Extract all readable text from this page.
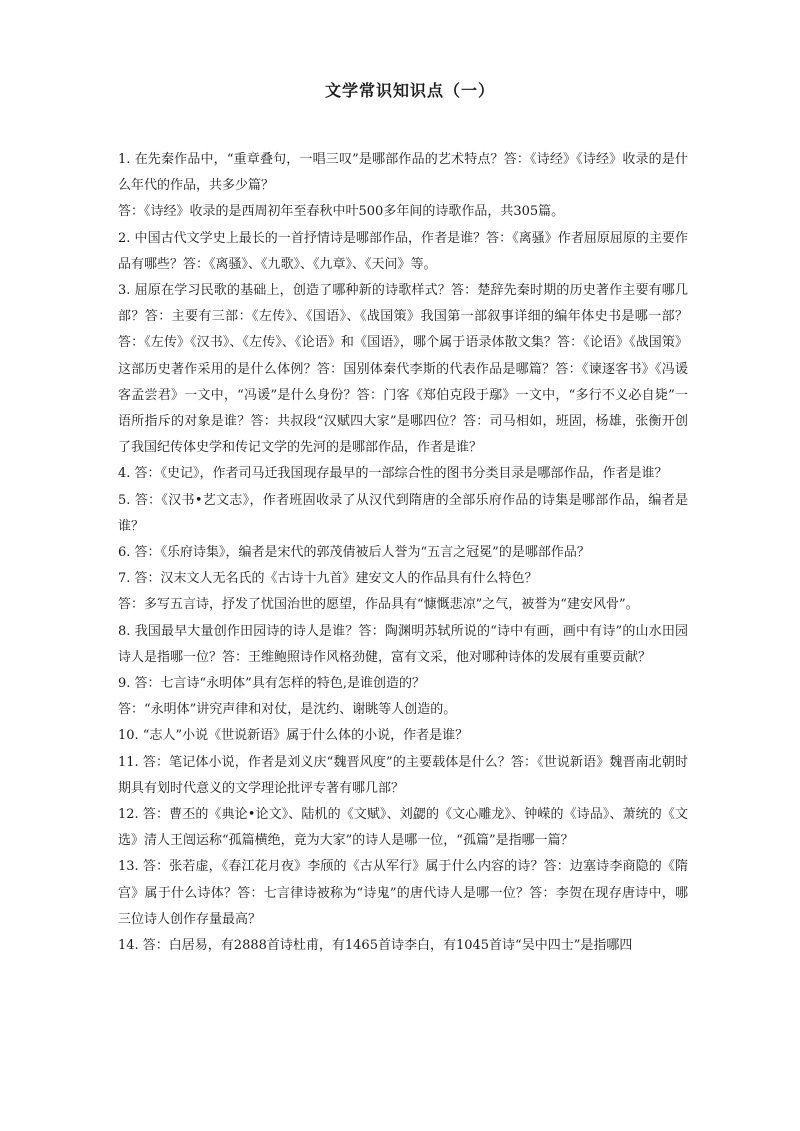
文学常识知识点（一）

1. 在先秦作品中，“重章叠句，一唱三叹”是哪部作品的艺术特点？答：《诗经》《诗经》收录的是什么年代的作品，共多少篇？

答：《诗经》收录的是西周初年至春秋中叶500多年间的诗歌作品，共305篇。

2. 中国古代文学史上最长的一首抒情诗是哪部作品，作者是谁？答：《离骚》作者屈原屈原的主要作品有哪些？答：《离骚》、《九歌》、《九章》、《天问》等。

3. 屈原在学习民歌的基础上，创造了哪种新的诗歌样式？答：楚辞先秦时期的历史著作主要有哪几部？答：主要有三部：《左传》、《国语》、《战国策》我国第一部叙事详细的编年体史书是哪一部？答：《左传》《汉书》、《左传》、《论语》和《国语》，哪个属于语录体散文集？答：《论语》《战国策》这部历史著作采用的是什么体例？答：国别体秦代李斯的代表作品是哪篇？答：《谏逐客书》《冯谖客孟尝君》一文中，“冯谖”是什么身份？答：门客《郑伯克段于鄢》一文中，“多行不义必自毙”一语所指斥的对象是谁？答：共叔段“汉赋四大家”是哪四位？答：司马相如，班固，杨雄，张衡开创了我国纪传体史学和传记文学的先河的是哪部作品，作者是谁？

4. 答：《史记》，作者司马迁我国现存最早的一部综合性的图书分类目录是哪部作品，作者是谁？

5. 答：《汉书•艺文志》，作者班固收录了从汉代到隋唐的全部乐府作品的诗集是哪部作品，编者是谁？

6. 答：《乐府诗集》，编者是宋代的郭茂倩被后人誉为“五言之冠冕”的是哪部作品？

7. 答：汉末文人无名氏的《古诗十九首》建安文人的作品具有什么特色？

答：多写五言诗，抒发了忧国治世的愿望，作品具有“慷慨悲凉”之气，被誉为“建安风骨”。

8. 我国最早大量创作田园诗的诗人是谁？答：陶渊明苏轼所说的“诗中有画，画中有诗”的山水田园诗人是指哪一位？答：王维鲍照诗作风格劲健，富有文采，他对哪种诗体的发展有重要贡献？

9. 答：七言诗“永明体”具有怎样的特色,是谁创造的？

答：“永明体”讲究声律和对仗，是沈约、谢眺等人创造的。

10. “志人”小说《世说新语》属于什么体的小说，作者是谁？

11. 答：笔记体小说，作者是刘义庆“魏晋风度”的主要载体是什么？答：《世说新语》魏晋南北朝时期具有划时代意义的文学理论批评专著有哪几部？

12. 答：曹丕的《典论•论文》、陆机的《文赋》、刘勰的《文心雕龙》、钟嵘的《诗品》、萧统的《文选》清人王闿运称“孤篇横绝，竟为大家”的诗人是哪一位，“孤篇”是指哪一篇？

13. 答：张若虚，《春江花月夜》李颀的《古从军行》属于什么内容的诗？答：边塞诗李商隐的《隋宫》属于什么诗体？答：七言律诗被称为“诗鬼”的唐代诗人是哪一位？答：李贺在现存唐诗中，哪三位诗人创作存量最高？

14. 答：白居易，有2888首诗杜甫，有1465首诗李白，有1045首诗“吴中四士”是指哪四
